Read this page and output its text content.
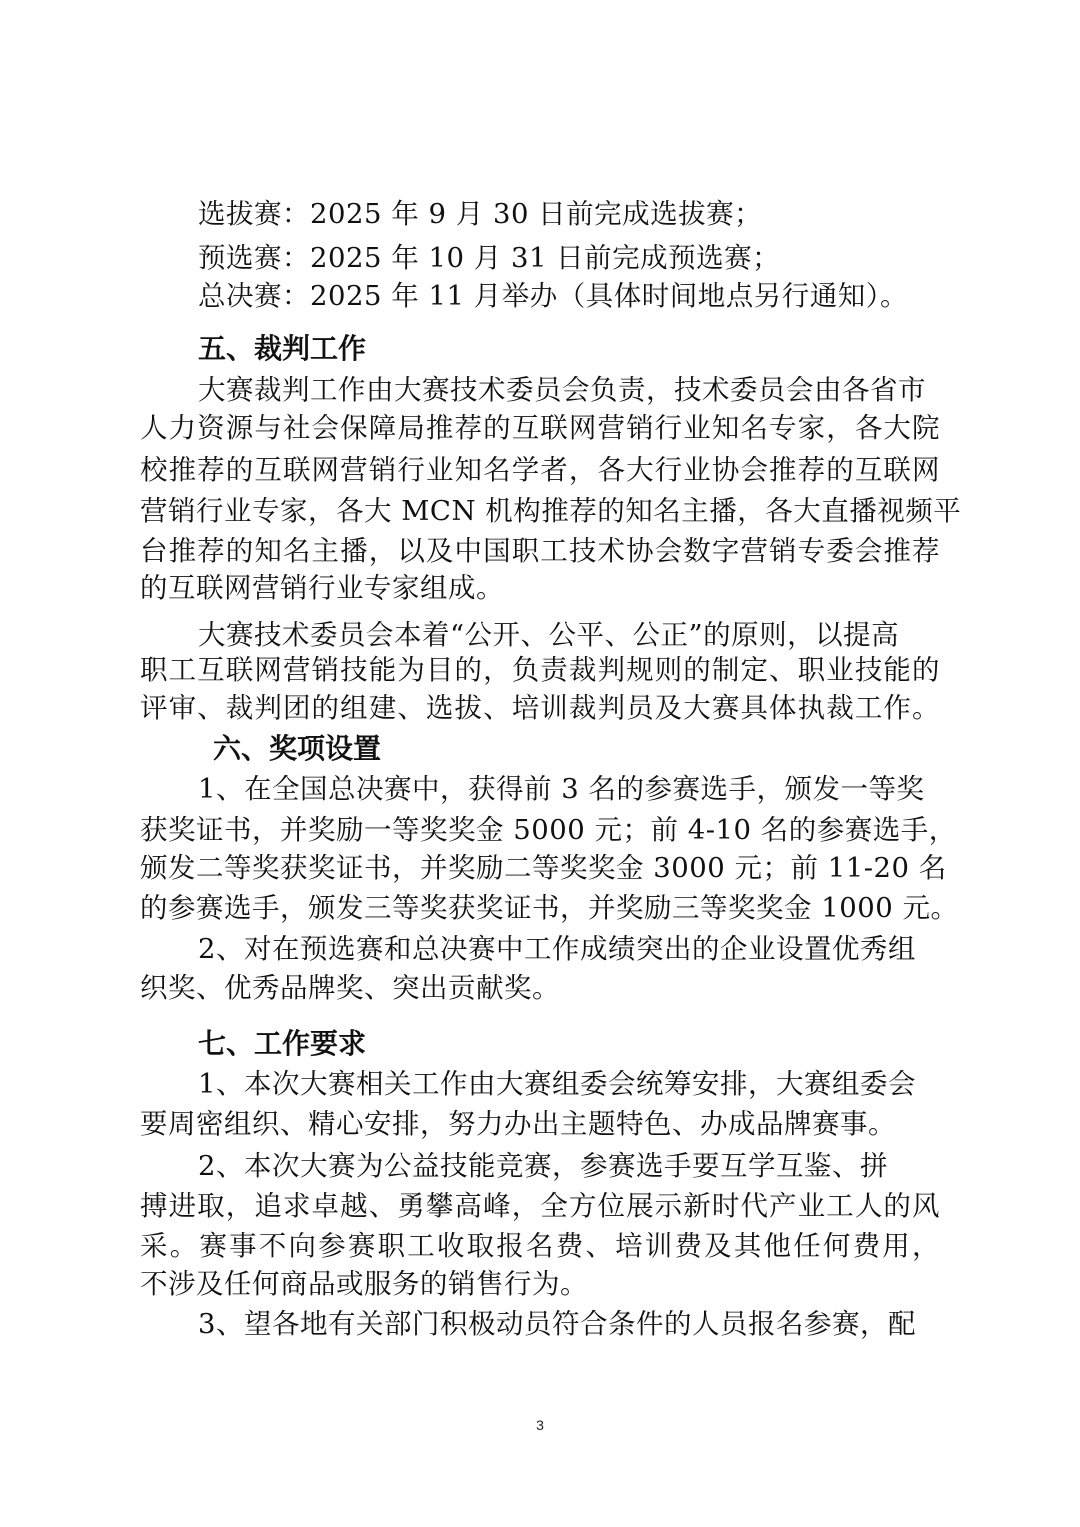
选拔赛：2025 年 9 月 30 日前完成选拔赛；
预选赛：2025 年 10 月 31 日前完成预选赛；
总决赛：2025 年 11 月举办（具体时间地点另行通知）。
五、裁判工作
大赛裁判工作由大赛技术委员会负责，技术委员会由各省市
人力资源与社会保障局推荐的互联网营销行业知名专家，各大院
校推荐的互联网营销行业知名学者，各大行业协会推荐的互联网
营销行业专家，各大 MCN 机构推荐的知名主播，各大直播视频平
台推荐的知名主播，以及中国职工技术协会数字营销专委会推荐
的互联网营销行业专家组成。
大赛技术委员会本着“公开、公平、公正”的原则，以提高
职工互联网营销技能为目的，负责裁判规则的制定、职业技能的
评审、裁判团的组建、选拔、培训裁判员及大赛具体执裁工作。
六、奖项设置
1、在全国总决赛中，获得前 3 名的参赛选手，颁发一等奖
获奖证书，并奖励一等奖奖金 5000 元；前 4-10 名的参赛选手，
颁发二等奖获奖证书，并奖励二等奖奖金 3000 元；前 11-20 名
的参赛选手，颁发三等奖获奖证书，并奖励三等奖奖金 1000 元。
2、对在预选赛和总决赛中工作成绩突出的企业设置优秀组
织奖、优秀品牌奖、突出贡献奖。
七、工作要求
1、本次大赛相关工作由大赛组委会统筹安排，大赛组委会
要周密组织、精心安排，努力办出主题特色、办成品牌赛事。
2、本次大赛为公益技能竞赛，参赛选手要互学互鉴、拼
搏进取，追求卓越、勇攀高峰，全方位展示新时代产业工人的风
采。赛事不向参赛职工收取报名费、培训费及其他任何费用，
不涉及任何商品或服务的销售行为。
3、望各地有关部门积极动员符合条件的人员报名参赛，配
3
